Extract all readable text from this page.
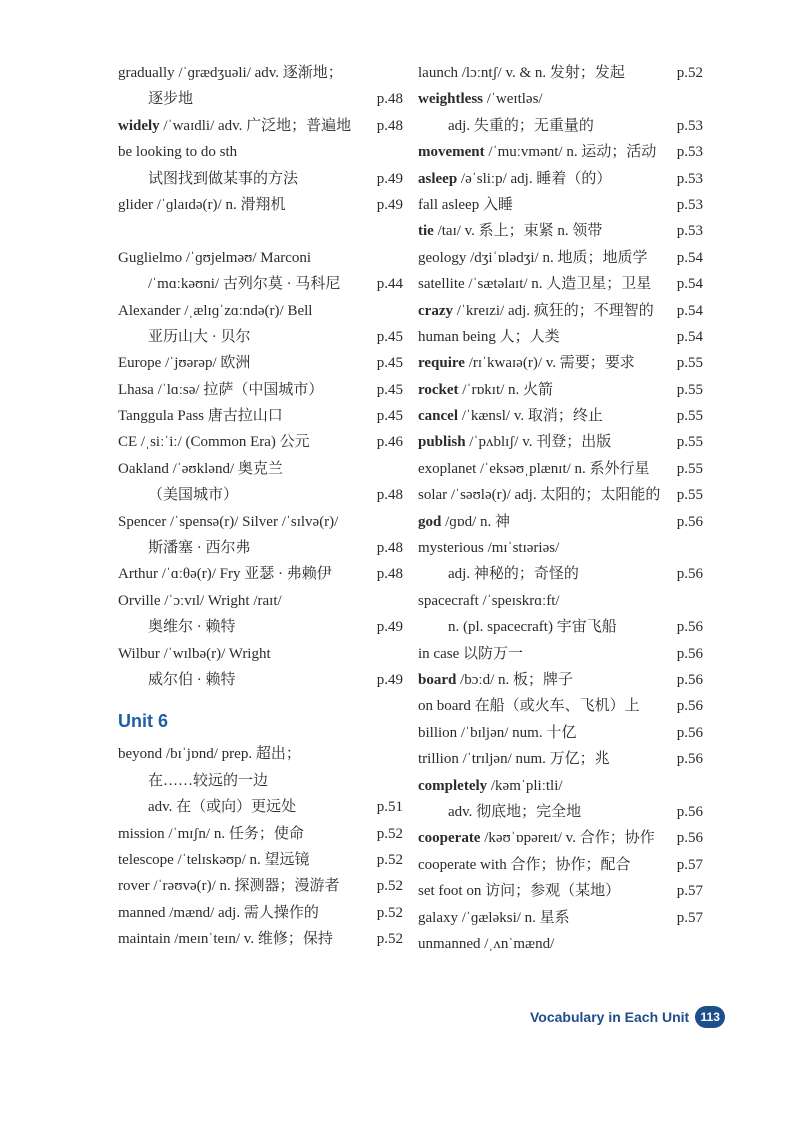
gradually /ˈɡrædʒuəli/ adv. 逐渐地；
逐步地	p.48
widely /ˈwaɪdli/ adv. 广泛地；普遍地 p.48
be looking to do sth
试图找到做某事的方法	p.49
glider /ˈɡlaɪdə(r)/ n. 滑翔机	p.49
Guglielmo /ˈɡʊjelməʊ/ Marconi
/ˈmɑːkəʊni/ 古列尔莫 · 马科尼 p.44
Alexander /ˌælɪɡˈzɑːndə(r)/ Bell
亚历山大 · 贝尔	p.45
Europe /ˈjʊərəp/ 欧洲	p.45
Lhasa /ˈlɑːsə/ 拉萨（中国城市）	p.45
Tanggula Pass 唐古拉山口	p.45
CE /ˌsiːˈiː/ (Common Era) 公元	p.46
Oakland /ˈəʊklənd/ 奥克兰
（美国城市）	p.48
Spencer /ˈspensə(r)/ Silver /ˈsɪlvə(r)/
斯潘塞 · 西尔弗	p.48
Arthur /ˈɑːθə(r)/ Fry 亚瑟 · 弗赖伊	p.48
Orville /ˈɔːvɪl/ Wright /raɪt/
奥维尔 · 赖特	p.49
Wilbur /ˈwɪlbə(r)/ Wright
威尔伯 · 赖特	p.49
Unit 6
beyond /bɪˈjɒnd/ prep. 超出；
在……较远的一边
adv. 在（或向）更远处	p.51
mission /ˈmɪʃn/ n. 任务；使命	p.52
telescope /ˈtelɪskəʊp/ n. 望远镜	p.52
rover /ˈrəʊvə(r)/ n. 探测器；漫游者 p.52
manned /mænd/ adj. 需人操作的	p.52
maintain /meɪnˈteɪn/ v. 维修；保持	p.52
launch /lɔːntʃ/ v. & n. 发射；发起	p.52
weightless /ˈweɪtləs/
adj. 失重的；无重量的	p.53
movement /ˈmuːvmənt/ n. 运动；活动 p.53
asleep /əˈsliːp/ adj. 睡着（的）	p.53
fall asleep 入睡	p.53
tie /taɪ/ v. 系上；束紧 n. 领带	p.53
geology /dʒiˈɒlədʒi/ n. 地质；地质学 p.54
satellite /ˈsætəlaɪt/ n. 人造卫星；卫星 p.54
crazy /ˈkreɪzi/ adj. 疯狂的；不理智的 p.54
human being 人；人类	p.54
require /rɪˈkwaɪə(r)/ v. 需要；要求	p.55
rocket /ˈrɒkɪt/ n. 火箭	p.55
cancel /ˈkænsl/ v. 取消；终止	p.55
publish /ˈpʌblɪʃ/ v. 刊登；出版	p.55
exoplanet /ˈeksəʊˌplænɪt/ n. 系外行星 p.55
solar /ˈsəʊlə(r)/ adj. 太阳的；太阳能的 p.55
god /ɡɒd/ n. 神	p.56
mysterious /mɪˈstɪəriəs/
adj. 神秘的；奇怪的	p.56
spacecraft /ˈspeɪskrɑːft/
n. (pl. spacecraft) 宇宙飞船	p.56
in case 以防万一	p.56
board /bɔːd/ n. 板；牌子	p.56
on board 在船（或火车、飞机）上 p.56
billion /ˈbɪljən/ num. 十亿	p.56
trillion /ˈtrɪljən/ num. 万亿；兆	p.56
completely /kəmˈpliːtli/
adv. 彻底地；完全地	p.56
cooperate /kəʊˈɒpəreɪt/ v. 合作；协作 p.56
cooperate with 合作；协作；配合	p.57
set foot on 访问；参观（某地）	p.57
galaxy /ˈɡæləksi/ n. 星系	p.57
unmanned /ˌʌnˈmænd/
Vocabulary in Each Unit 113
